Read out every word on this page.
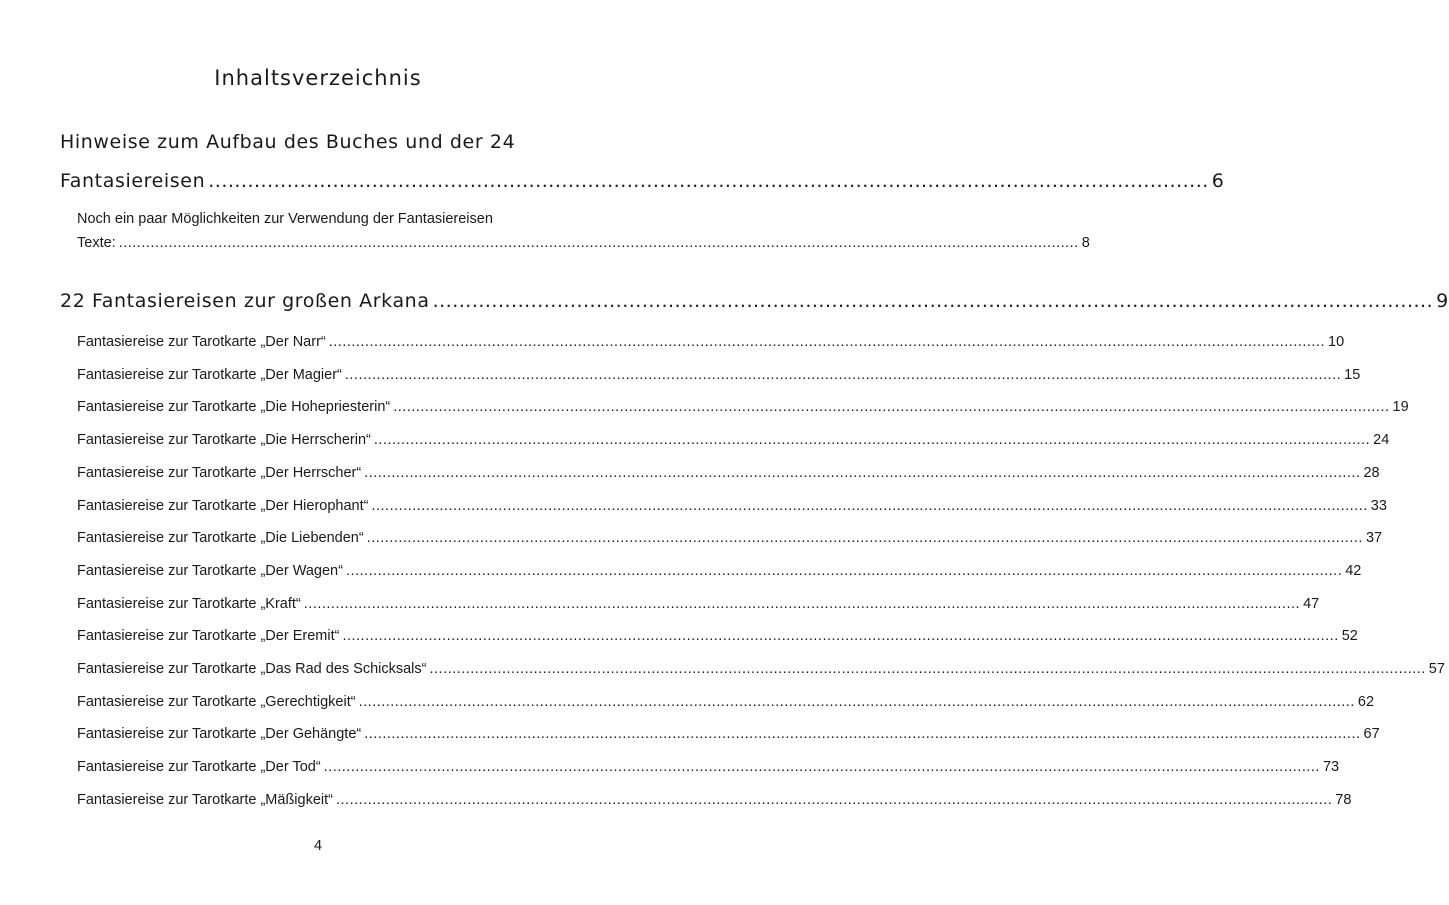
Inhaltsverzeichnis
Hinweise zum Aufbau des Buches und der 24
Fantasiereisen ......................................................................................................................................................... 6
Noch ein paar Möglichkeiten zur Verwendung der Fantasiereisen
Texte: .................................................................................................................................................................................................................... 8
22 Fantasiereisen zur großen Arkana ......................................................................................................................................................... 9
Fantasiereise zur Tarotkarte „Der Narr“ ............................................................................................................................................................................................................................ 10
Fantasiereise zur Tarotkarte „Der Magier“ ............................................................................................................................................................................................................................ 15
Fantasiereise zur Tarotkarte „Die Hohepriesterin“ ............................................................................................................................................................................................................................ 19
Fantasiereise zur Tarotkarte „Die Herrscherin“ ............................................................................................................................................................................................................................ 24
Fantasiereise zur Tarotkarte „Der Herrscher“ ............................................................................................................................................................................................................................ 28
Fantasiereise zur Tarotkarte „Der Hierophant“ ............................................................................................................................................................................................................................ 33
Fantasiereise zur Tarotkarte „Die Liebenden“ ............................................................................................................................................................................................................................ 37
Fantasiereise zur Tarotkarte „Der Wagen“ ............................................................................................................................................................................................................................ 42
Fantasiereise zur Tarotkarte „Kraft“ ............................................................................................................................................................................................................................ 47
Fantasiereise zur Tarotkarte „Der Eremit“ ............................................................................................................................................................................................................................ 52
Fantasiereise zur Tarotkarte „Das Rad des Schicksals“ ............................................................................................................................................................................................................................ 57
Fantasiereise zur Tarotkarte „Gerechtigkeit“ ............................................................................................................................................................................................................................ 62
Fantasiereise zur Tarotkarte „Der Gehängte“ ............................................................................................................................................................................................................................ 67
Fantasiereise zur Tarotkarte „Der Tod“ ............................................................................................................................................................................................................................ 73
Fantasiereise zur Tarotkarte „Mäßigkeit“ ............................................................................................................................................................................................................................ 78
4
